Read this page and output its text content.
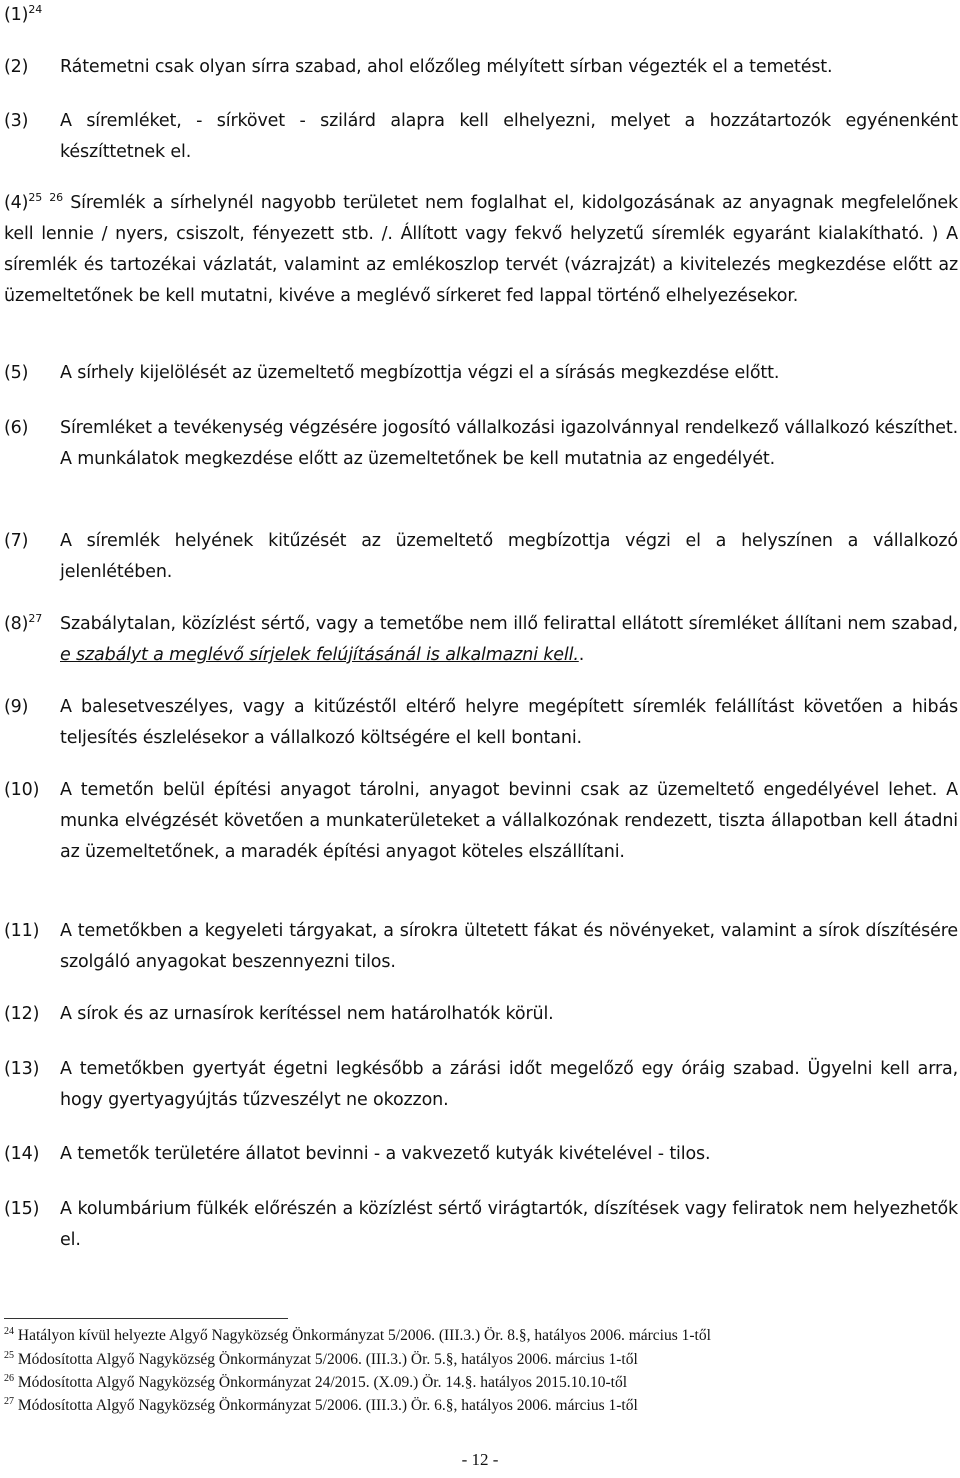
$(1)^{24}$
(2) Rátemetni csak olyan sírra szabad, ahol előzőleg mélyített sírban végezték el a temetést.
(3) A síremléket, - sírkövet - szilárd alapra kell elhelyezni, melyet a hozzátartozók egyénenként készíttetnek el.
$(4)^{25}$ $^{26}$ Síremlék a sírhelynél nagyobb területet nem foglalhat el, kidolgozásának az anyagnak megfelelőnek kell lennie / nyers, csiszolt, fényezett stb. /. Állított vagy fekvő helyzetű síremlék egyaránt kialakítható. ) A síremlék és tartozékai vázlatát, valamint az emlékoszlop tervét (vázrajzát) a kivitelezés megkezdése előtt az üzemeltetőnek be kell mutatni, kivéve a meglévő sírkeret fed lappal történő elhelyezésekor.
(5) A sírhely kijelölését az üzemeltető megbízottja végzi el a sírásás megkezdése előtt.
(6) Síremléket a tevékenység végzésére jogosító vállalkozási igazolvánnyal rendelkező vállalkozó készíthet. A munkálatok megkezdése előtt az üzemeltetőnek be kell mutatnia az engedélyét.
(7) A síremlék helyének kitűzését az üzemeltető megbízottja végzi el a helyszínen a vállalkozó jelenlétében.
$(8)^{27}$ Szabálytalan, közízlést sértő, vagy a temetőbe nem illő felirattal ellátott síremléket állítani nem szabad, e szabályt a meglévő sírjelek felújításánál is alkalmazni kell..
(9) A balesetveszélyes, vagy a kitűzéstől eltérő helyre megépített síremlék felállítást követően a hibás teljesítés észlelésekor a vállalkozó költségére el kell bontani.
(10) A temetőn belül építési anyagot tárolni, anyagot bevinni csak az üzemeltető engedélyével lehet. A munka elvégzését követően a munkaterületeket a vállalkozónak rendezett, tiszta állapotban kell átadni az üzemeltetőnek, a maradék építési anyagot köteles elszállítani.
(11) A temetőkben a kegyeleti tárgyakat, a sírokra ültetett fákat és növényeket, valamint a sírok díszítésére szolgáló anyagokat beszennyezni tilos.
(12) A sírok és az urnasírok kerítéssel nem határolhatók körül.
(13) A temetőkben gyertyát égetni legkésőbb a zárási időt megelőző egy óráig szabad. Ügyelni kell arra, hogy gyertyagyújtás tűzveszélyt ne okozzon.
(14) A temetők területére állatot bevinni - a vakvezető kutyák kivételével - tilos.
(15) A kolumbárium fülkék előrészén a közízlést sértő virágtartók, díszítések vagy feliratok nem helyezhetők el.
$^{24}$ Hatályon kívül helyezte Algyő Nagyközség Önkormányzat 5/2006. (III.3.) Ör. 8.§, hatályos 2006. március 1-től
$^{25}$ Módosította Algyő Nagyközség Önkormányzat 5/2006. (III.3.) Ör. 5.§, hatályos 2006. március 1-től
$^{26}$ Módosította Algyő Nagyközség Önkormányzat 24/2015. (X.09.) Ör. 14.§. hatályos 2015.10.10-től
$^{27}$ Módosította Algyő Nagyközség Önkormányzat 5/2006. (III.3.) Ör. 6.§, hatályos 2006. március 1-től
- 12 -
